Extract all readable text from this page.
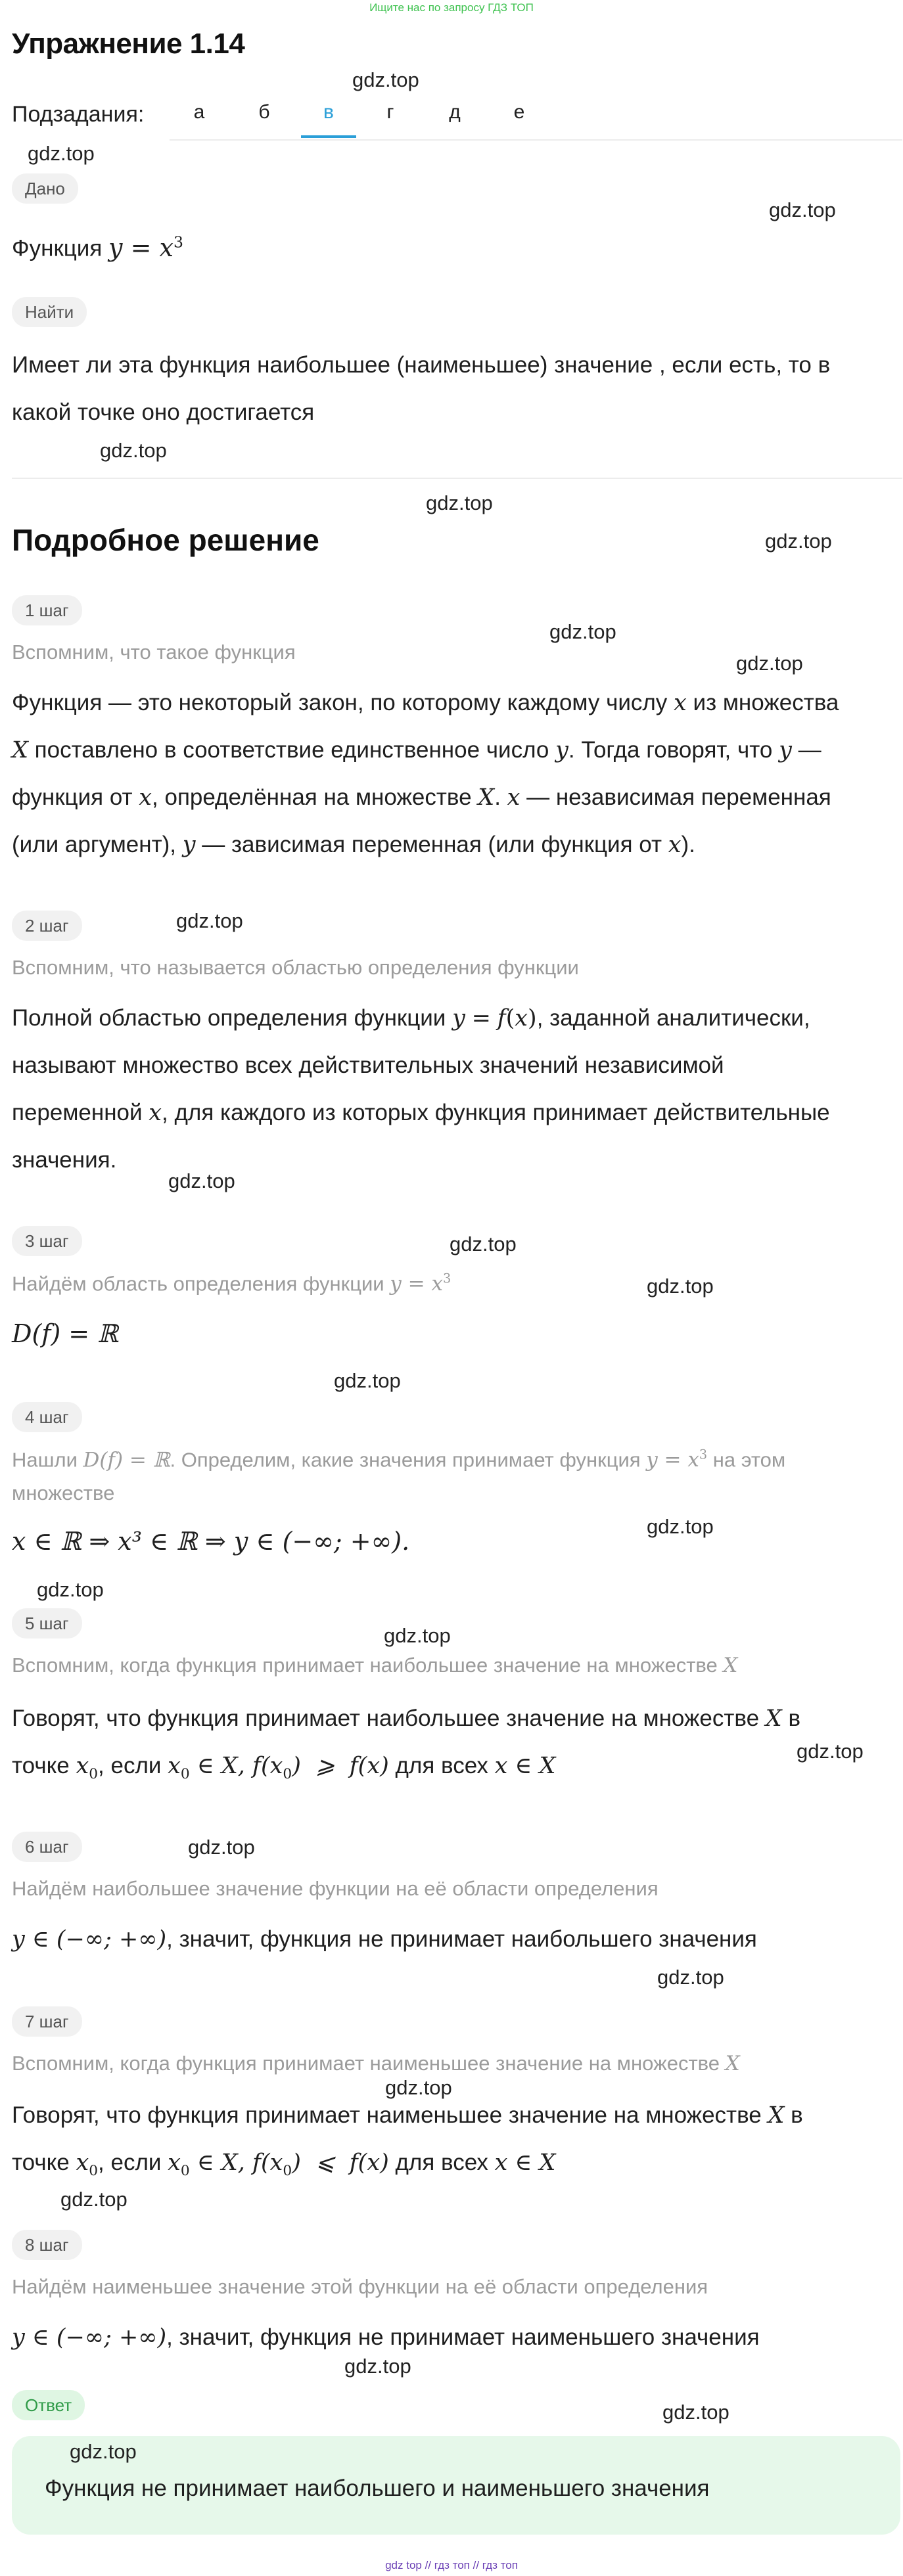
Ищите нас по запросу ГДЗ ТОП
Упражнение 1.14
Подзадания:	а	б	в	г	д	е
Дано
Функция $y = x^3$
Найти
Имеет ли эта функция наибольшее (наименьшее) значение , если есть, то в
какой точке оно достигается
Подробное решение
1 шаг
Вспомним, что такое функция
Функция — это некоторый закон, по которому каждому числу x из множества
X поставлено в соответствие единственное число y. Тогда говорят, что y —
функция от x, определённая на множестве X. x — независимая переменная
(или аргумент), y — зависимая переменная (или функция от x).
2 шаг
Вспомним, что называется областью определения функции
Полной областью определения функции y = f(x), заданной аналитически,
называют множество всех действительных значений независимой
переменной x, для каждого из которых функция принимает действительные
значения.
3 шаг
Найдём область определения функции $y = x^3$
D(f) = ℝ
4 шаг
Нашли D(f) = ℝ. Определим, какие значения принимает функция $y = x^3$ на этом
множестве
x ∈ ℝ ⇒ x³ ∈ ℝ ⇒ y ∈ (−∞; +∞).
5 шаг
Вспомним, когда функция принимает наибольшее значение на множестве X
Говорят, что функция принимает наибольшее значение на множестве X в
точке $x_0$, если $x_0$ ∈ X, $f(x_0)$  ⩾  f(x) для всех x ∈ X
6 шаг
Найдём наибольшее значение функции на её области определения
y ∈ (−∞; +∞), значит, функция не принимает наибольшего значения
7 шаг
Вспомним, когда функция принимает наименьшее значение на множестве X
Говорят, что функция принимает наименьшее значение на множестве X в
точке $x_0$, если $x_0$ ∈ X, $f(x_0)$  ⩽  f(x) для всех x ∈ X
8 шаг
Найдём наименьшее значение этой функции на её области определения
y ∈ (−∞; +∞), значит, функция не принимает наименьшего значения
Ответ
Функция не принимает наибольшего и наименьшего значения
gdz.top
gdz.top
gdz.top
gdz.top
gdz.top
gdz.top
gdz.top
gdz.top
gdz.top
gdz.top
gdz.top
gdz.top
gdz.top
gdz.top
gdz.top
gdz.top
gdz.top
gdz.top
gdz.top
gdz.top
gdz.top
gdz.top
gdz.top
gdz.top
gdz top // гдз топ // гдз топ
